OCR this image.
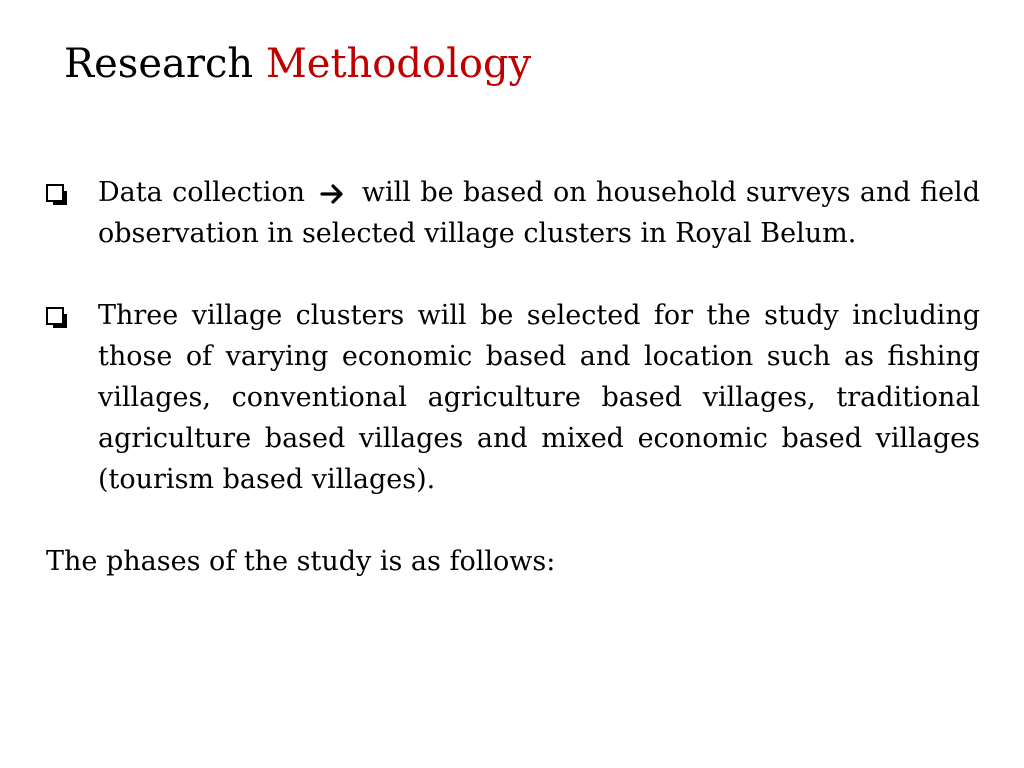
Research Methodology
Data collection will be based on household surveys and field observation in selected village clusters in Royal Belum.
Three village clusters will be selected for the study including those of varying economic based and location such as fishing villages, conventional agriculture based villages, traditional agriculture based villages and mixed economic based villages (tourism based villages).
The phases of the study is as follows:
